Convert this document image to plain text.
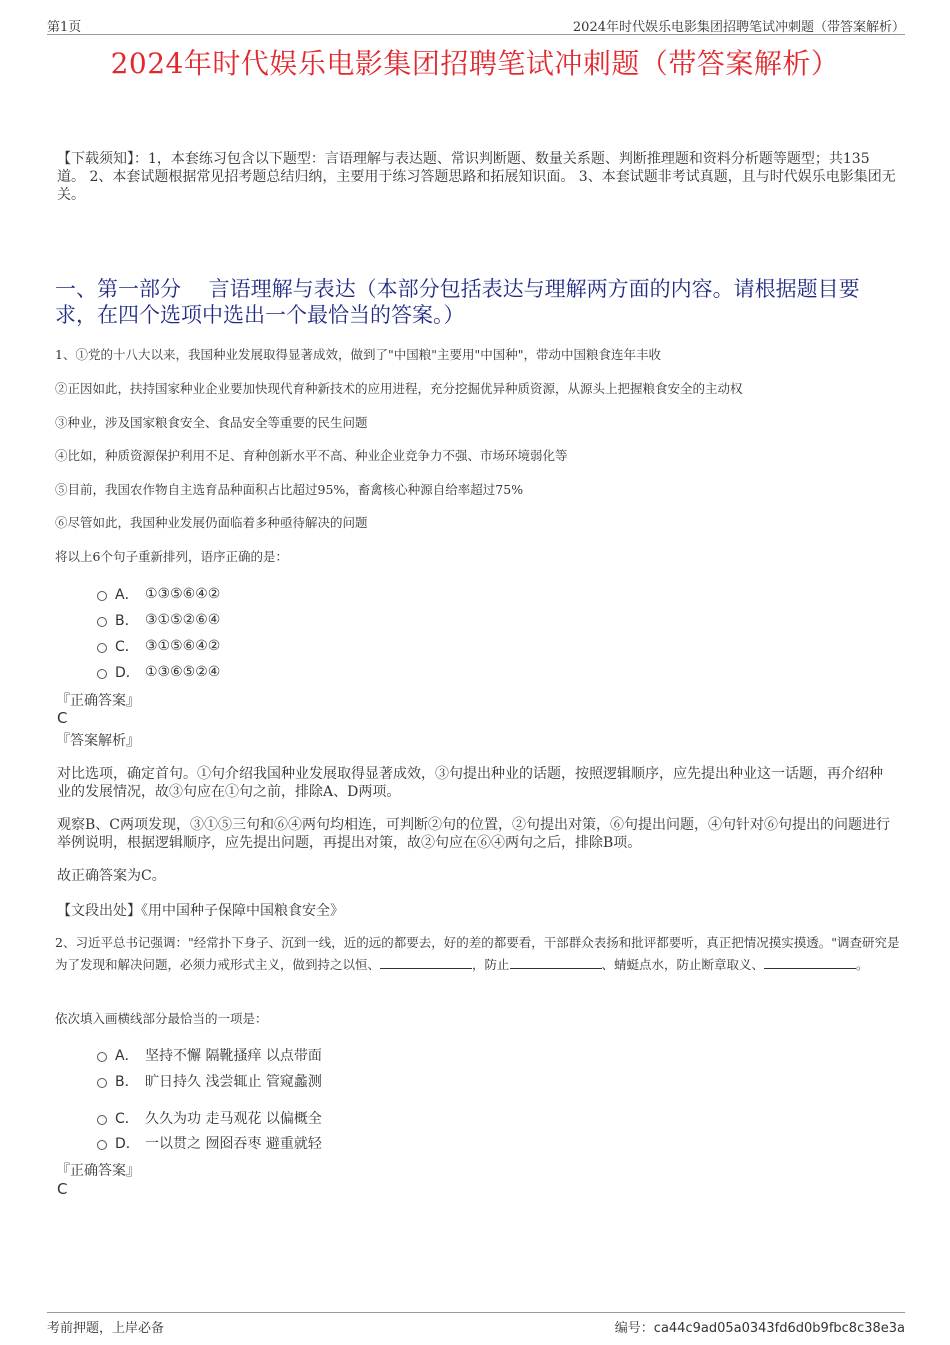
第1页	2024年时代娱乐电影集团招聘笔试冲刺题（带答案解析）
2024年时代娱乐电影集团招聘笔试冲刺题（带答案解析）
【下载须知】：1，本套练习包含以下题型：言语理解与表达题、常识判断题、数量关系题、判断推理题和资料分析题等题型；共135道。 2、本套试题根据常见招考题总结归纳，主要用于练习答题思路和拓展知识面。 3、本套试题非考试真题，且与时代娱乐电影集团无关。
一、第一部分 　言语理解与表达（本部分包括表达与理解两方面的内容。请根据题目要求，在四个选项中选出一个最恰当的答案。）
1、①党的十八大以来，我国种业发展取得显著成效，做到了"中国粮"主要用"中国种"，带动中国粮食连年丰收
②正因如此，扶持国家种业企业要加快现代育种新技术的应用进程，充分挖掘优异种质资源，从源头上把握粮食安全的主动权
③种业，涉及国家粮食安全、食品安全等重要的民生问题
④比如，种质资源保护利用不足、育种创新水平不高、种业企业竞争力不强、市场环境弱化等
⑤目前，我国农作物自主选育品种面积占比超过95%，畜禽核心种源自给率超过75%
⑥尽管如此，我国种业发展仍面临着多种亟待解决的问题
将以上6个句子重新排列，语序正确的是：
A． ①③⑤⑥④②
B． ③①⑤②⑥④
C． ③①⑤⑥④②
D． ①③⑥⑤②④
『正确答案』
C
『答案解析』
对比选项，确定首句。①句介绍我国种业发展取得显著成效，③句提出种业的话题，按照逻辑顺序，应先提出种业这一话题，再介绍种业的发展情况，故③句应在①句之前，排除A、D两项。
观察B、C两项发现，③①⑤三句和⑥④两句均相连，可判断②句的位置，②句提出对策，⑥句提出问题，④句针对⑥句提出的问题进行举例说明，根据逻辑顺序，应先提出问题，再提出对策，故②句应在⑥④两句之后，排除B项。
故正确答案为C。
【文段出处】《用中国种子保障中国粮食安全》
2、习近平总书记强调："经常扑下身子、沉到一线，近的远的都要去，好的差的都要看，干部群众表扬和批评都要听，真正把情况摸实摸透。"调查研究是为了发现和解决问题，必须力戒形式主义，做到持之以恒、	，防止	、蜻蜓点水，防止断章取义、	。
依次填入画横线部分最恰当的一项是：
A． 坚持不懈 隔靴搔痒 以点带面
B． 旷日持久 浅尝辄止 管窥蠡测
C． 久久为功 走马观花 以偏概全
D． 一以贯之 囫囵吞枣 避重就轻
『正确答案』
C
考前押题，上岸必备	编号：ca44c9ad05a0343fd6d0b9fbc8c38e3a
